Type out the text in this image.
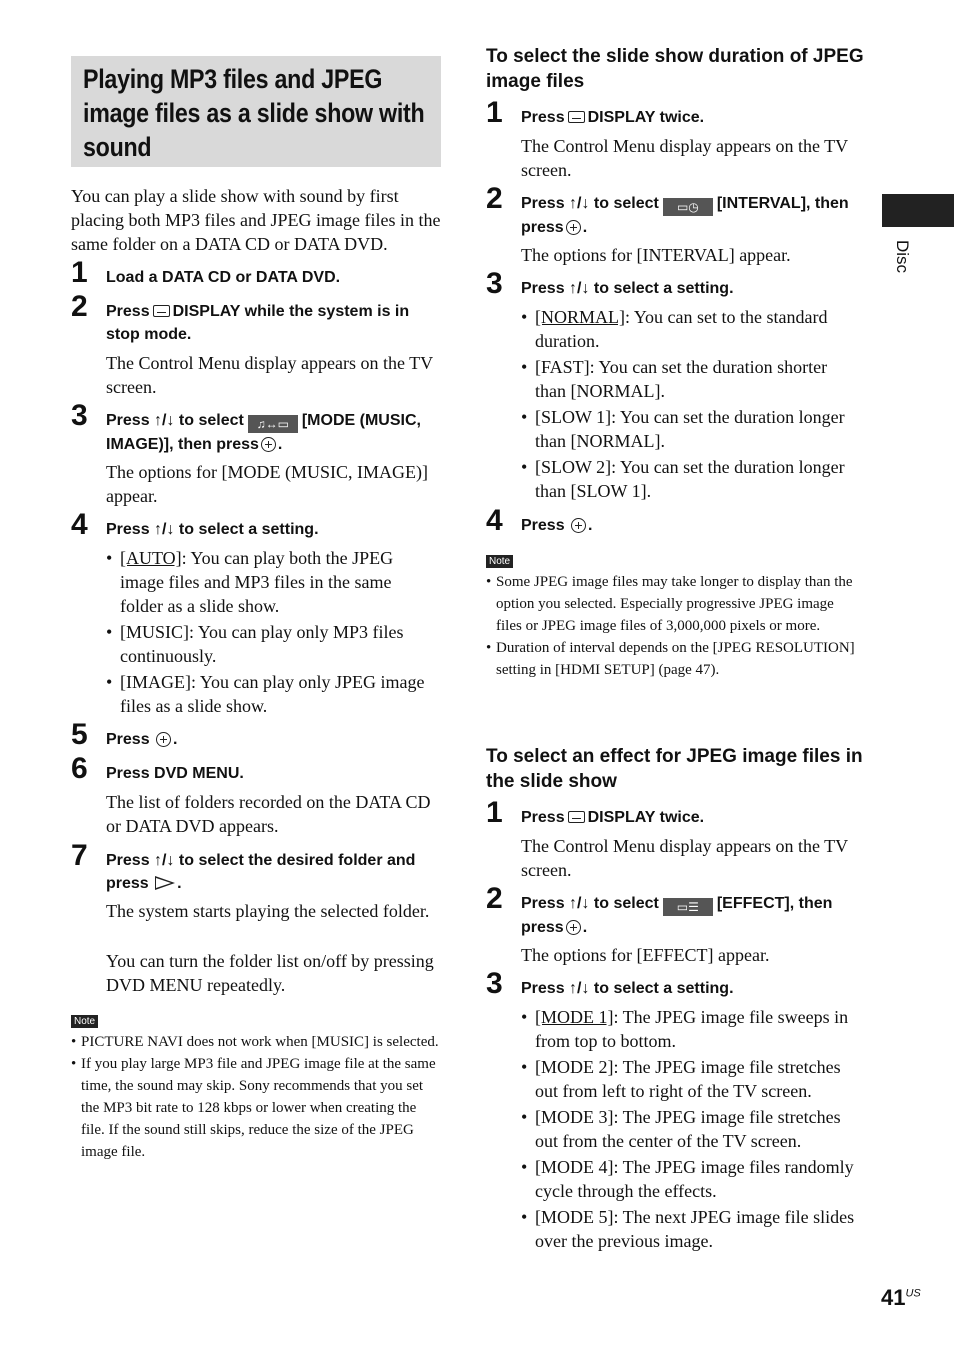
Playing MP3 files and JPEG image files as a slide show with sound
You can play a slide show with sound by first placing both MP3 files and JPEG image files in the same folder on a DATA CD or DATA DVD.
1 Load a DATA CD or DATA DVD.
2 Press DISPLAY while the system is in stop mode.
The Control Menu display appears on the TV screen.
3 Press ↑/↓ to select ♫↔▭ [MODE (MUSIC, IMAGE)], then press .
The options for [MODE (MUSIC, IMAGE)] appear.
4 Press ↑/↓ to select a setting.
• [AUTO]: You can play both the JPEG image files and MP3 files in the same folder as a slide show.
• [MUSIC]: You can play only MP3 files continuously.
• [IMAGE]: You can play only JPEG image files as a slide show.
5 Press .
6 Press DVD MENU.
The list of folders recorded on the DATA CD or DATA DVD appears.
7 Press ↑/↓ to select the desired folder and press .
The system starts playing the selected folder.
You can turn the folder list on/off by pressing DVD MENU repeatedly.
Note
• PICTURE NAVI does not work when [MUSIC] is selected.
• If you play large MP3 file and JPEG image file at the same time, the sound may skip. Sony recommends that you set the MP3 bit rate to 128 kbps or lower when creating the file. If the sound still skips, reduce the size of the JPEG image file.
To select the slide show duration of JPEG image files
1 Press DISPLAY twice.
The Control Menu display appears on the TV screen.
2 Press ↑/↓ to select ▭◷ [INTERVAL], then press .
The options for [INTERVAL] appear.
3 Press ↑/↓ to select a setting.
• [NORMAL]: You can set to the standard duration.
• [FAST]: You can set the duration shorter than [NORMAL].
• [SLOW 1]: You can set the duration longer than [NORMAL].
• [SLOW 2]: You can set the duration longer than [SLOW 1].
4 Press .
Note
• Some JPEG image files may take longer to display than the option you selected. Especially progressive JPEG image files or JPEG image files of 3,000,000 pixels or more.
• Duration of interval depends on the [JPEG RESOLUTION] setting in [HDMI SETUP] (page 47).
To select an effect for JPEG image files in the slide show
1 Press DISPLAY twice.
The Control Menu display appears on the TV screen.
2 Press ↑/↓ to select ▭☰ [EFFECT], then press .
The options for [EFFECT] appear.
3 Press ↑/↓ to select a setting.
• [MODE 1]: The JPEG image file sweeps in from top to bottom.
• [MODE 2]: The JPEG image file stretches out from left to right of the TV screen.
• [MODE 3]: The JPEG image file stretches out from the center of the TV screen.
• [MODE 4]: The JPEG image files randomly cycle through the effects.
• [MODE 5]: The next JPEG image file slides over the previous image.
Disc
$41^{US}$
